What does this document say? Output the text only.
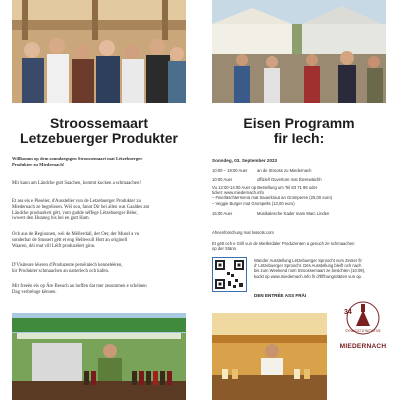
Stroossemaart
Letzebuerger Produkter
Willkomm op dem sonndaegsgen Stroossemaart mat Lëtzebuerger
Produkter zu Miedernach!
Mir kann am Ländche gutt Saachen, kommt kucken a schmaachen!
Et ass eis e Pleséier, d'Aussteller vun de Letzebuerger Produkter zu
Miedernach ze begréissen. Wéi sou, fannt Dir bei allen wat Gaaldes am
Ländche produzéiert gëtt, vum gudde séffege Lëtzebuerger Béier,
iwwert den Hunneg bis bei en gutt Ham.
Och aus de Regiounen, wéi de Mëllerdall, der Oer, der Musel a vu
sonderbar de Stussert gëtt et eng Hellewull Hott an originell
Waaren, déi mat vill Léift produzéiert ginn.
D'Visiteure léieren d'Produzente perséinlech kennelééren,
hir Produkter schmaachen an natierlech och kafen.
Mir freeën eis op Äre Besuch an hoffen dat mer zesummen e schéinen
Dag verbrénge kënnen.
Eisen Programm
fir Iech:
Sonndeg, 03. September 2023
10:00 – 18:00 Auer an de Strooss zu Miedernach
10:00 Auer	offiziell Ouverture mat Éierewäichh
Vu 12:00-14:00 Auer op Bestellung um Tel 83 71 86 oder
ticket: www.miedernach.info
– Feierläschtermenü mat Sauerkraut an Gromperen (25,00 euro)
– Veggie Burger mat Grompelts (13,00 euro)
15:00 Auer	Musikalesche Kader mam Marc Linden
Ahnenforschung mat lossots.com
Et gëtt och e Grill vun de Miellerdaler Produzenten a genuch ze schmaachen
op der Stänn.
Wander Ausstellung Lëtzebuerger Sproocht vum Zenter fir
d' Lëtzebuerger Sproocht. Dës Ausstellung bleift och nach
bis zum Weekend nom Stroossemaart ze besichten (10.09),
kuckt op www.miedernach.info fir d'Ëffnungszäiten vun op.
DEN ENTRÉE ASS FRÄI
34
SYNDICAT D'INITIATIVE
MIEDERNACH
